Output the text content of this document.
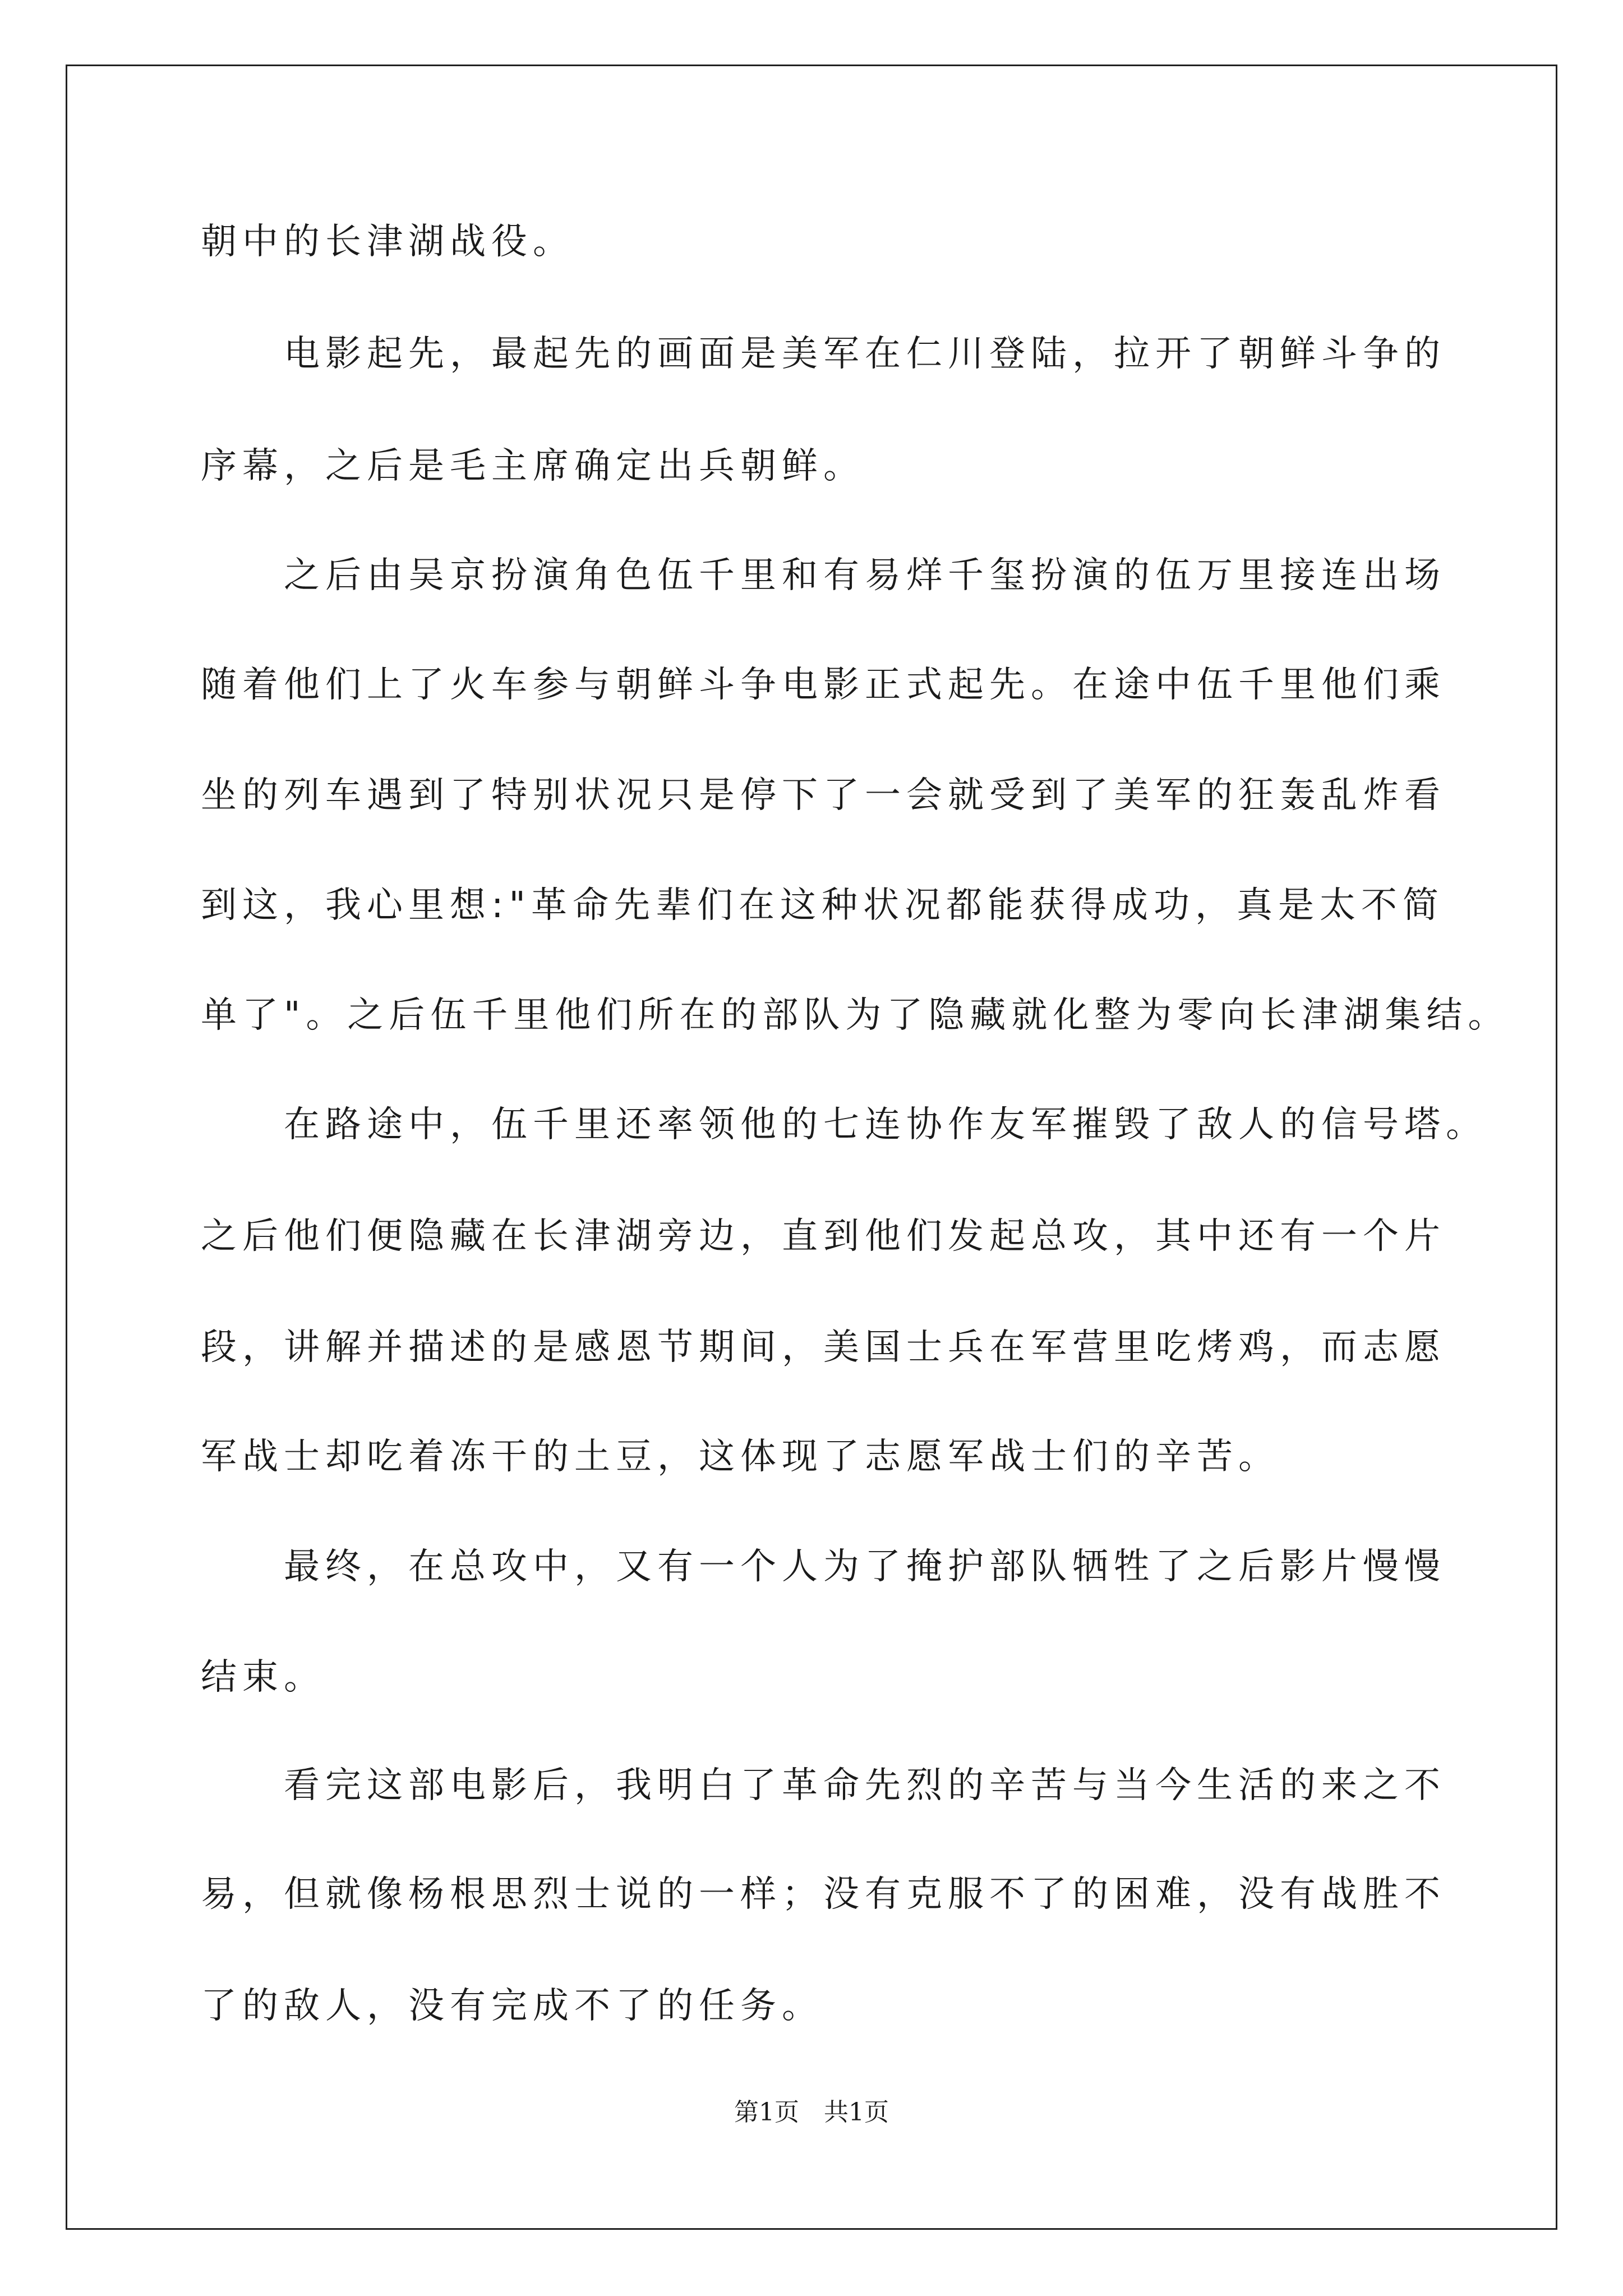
朝中的长津湖战役。

电影起先，最起先的画面是美军在仁川登陆，拉开了朝鲜斗争的

序幕，之后是毛主席确定出兵朝鲜。

之后由吴京扮演角色伍千里和有易烊千玺扮演的伍万里接连出场

随着他们上了火车参与朝鲜斗争电影正式起先。在途中伍千里他们乘

坐的列车遇到了特别状况只是停下了一会就受到了美军的狂轰乱炸看

到这，我心里想:"革命先辈们在这种状况都能获得成功，真是太不简

单了"。之后伍千里他们所在的部队为了隐藏就化整为零向长津湖集结。

在路途中，伍千里还率领他的七连协作友军摧毁了敌人的信号塔。

之后他们便隐藏在长津湖旁边，直到他们发起总攻，其中还有一个片

段，讲解并描述的是感恩节期间，美国士兵在军营里吃烤鸡，而志愿

军战士却吃着冻干的土豆，这体现了志愿军战士们的辛苦。

最终，在总攻中，又有一个人为了掩护部队牺牲了之后影片慢慢

结束。

看完这部电影后，我明白了革命先烈的辛苦与当今生活的来之不

易，但就像杨根思烈士说的一样；没有克服不了的困难，没有战胜不

了的敌人，没有完成不了的任务。

第1页　共1页
